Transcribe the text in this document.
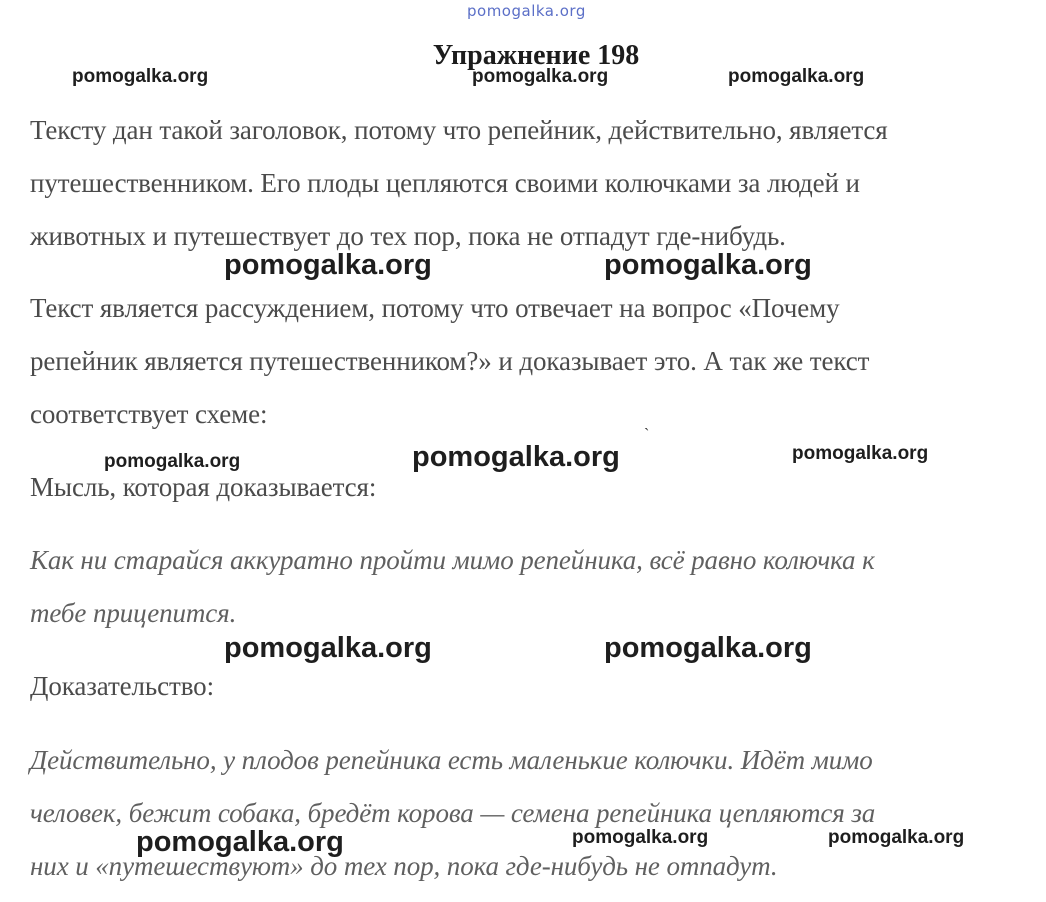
pomogalka.org
Упражнение 198
Тексту дан такой заголовок, потому что репейник, действительно, является
путешественником. Его плоды цепляются своими колючками за людей и
животных и путешествует до тех пор, пока не отпадут где-нибудь.
Текст является рассуждением, потому что отвечает на вопрос «Почему
репейник является путешественником?» и доказывает это. А так же текст
соответствует схеме:
ˋ
Мысль, которая доказывается:
Как ни старайся аккуратно пройти мимо репейника, всё равно колючка к
тебе прицепится.
Доказательство:
Действительно, у плодов репейника есть маленькие колючки. Идёт мимо
человек, бежит собака, бредёт корова — семена репейника цепляются за
них и «путешествуют» до тех пор, пока где-нибудь не отпадут.
pomogalka.org	pomogalka.org	pomogalka.org
pomogalka.org	pomogalka.org
pomogalka.org	pomogalka.org	pomogalka.org
pomogalka.org	pomogalka.org
pomogalka.org	pomogalka.org	pomogalka.org
